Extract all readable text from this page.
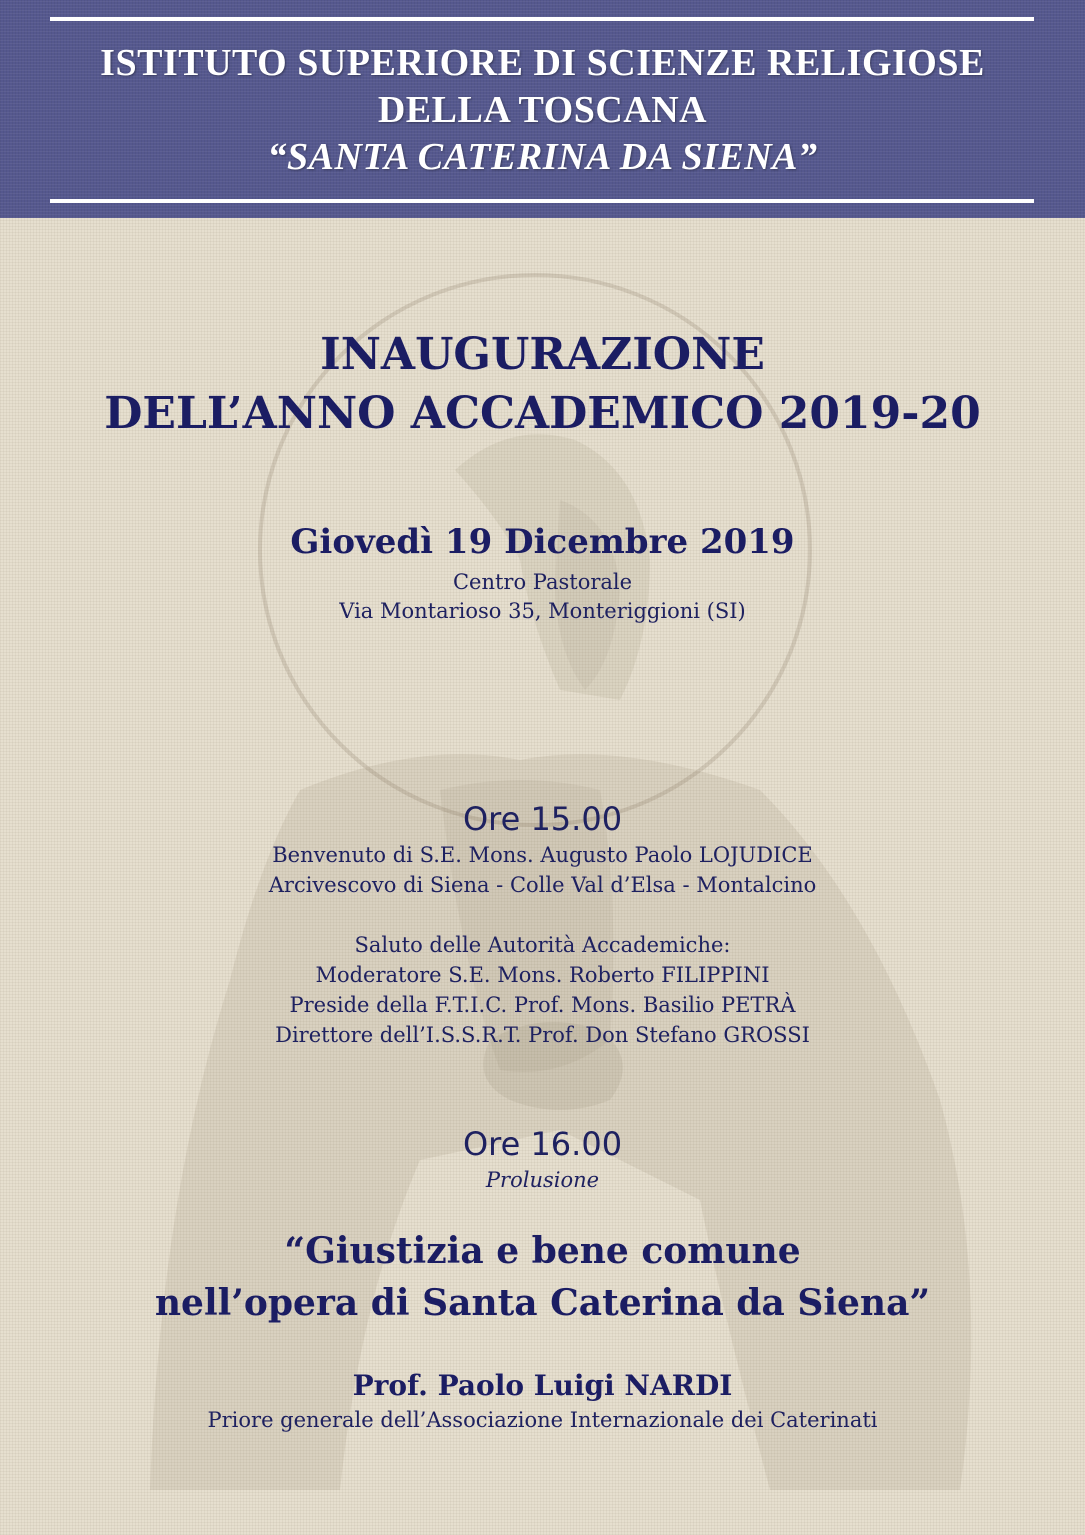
ISTITUTO SUPERIORE DI SCIENZE RELIGIOSE
DELLA TOSCANA
“SANTA CATERINA DA SIENA”
INAUGURAZIONE
DELL’ANNO ACCADEMICO 2019-20
Giovedì 19 Dicembre 2019
Centro Pastorale
Via Montarioso 35, Monteriggioni (SI)
Ore 15.00
Benvenuto di S.E. Mons. Augusto Paolo LOJUDICE
Arcivescovo di Siena - Colle Val d’Elsa - Montalcino
Saluto delle Autorità Accademiche:
Moderatore S.E. Mons. Roberto FILIPPINI
Preside della F.T.I.C. Prof. Mons. Basilio PETRÀ
Direttore dell’I.S.S.R.T. Prof. Don Stefano GROSSI
Ore 16.00
Prolusione
“Giustizia e bene comune
nell’opera di Santa Caterina da Siena”
Prof. Paolo Luigi NARDI
Priore generale dell’Associazione Internazionale dei Caterinati
